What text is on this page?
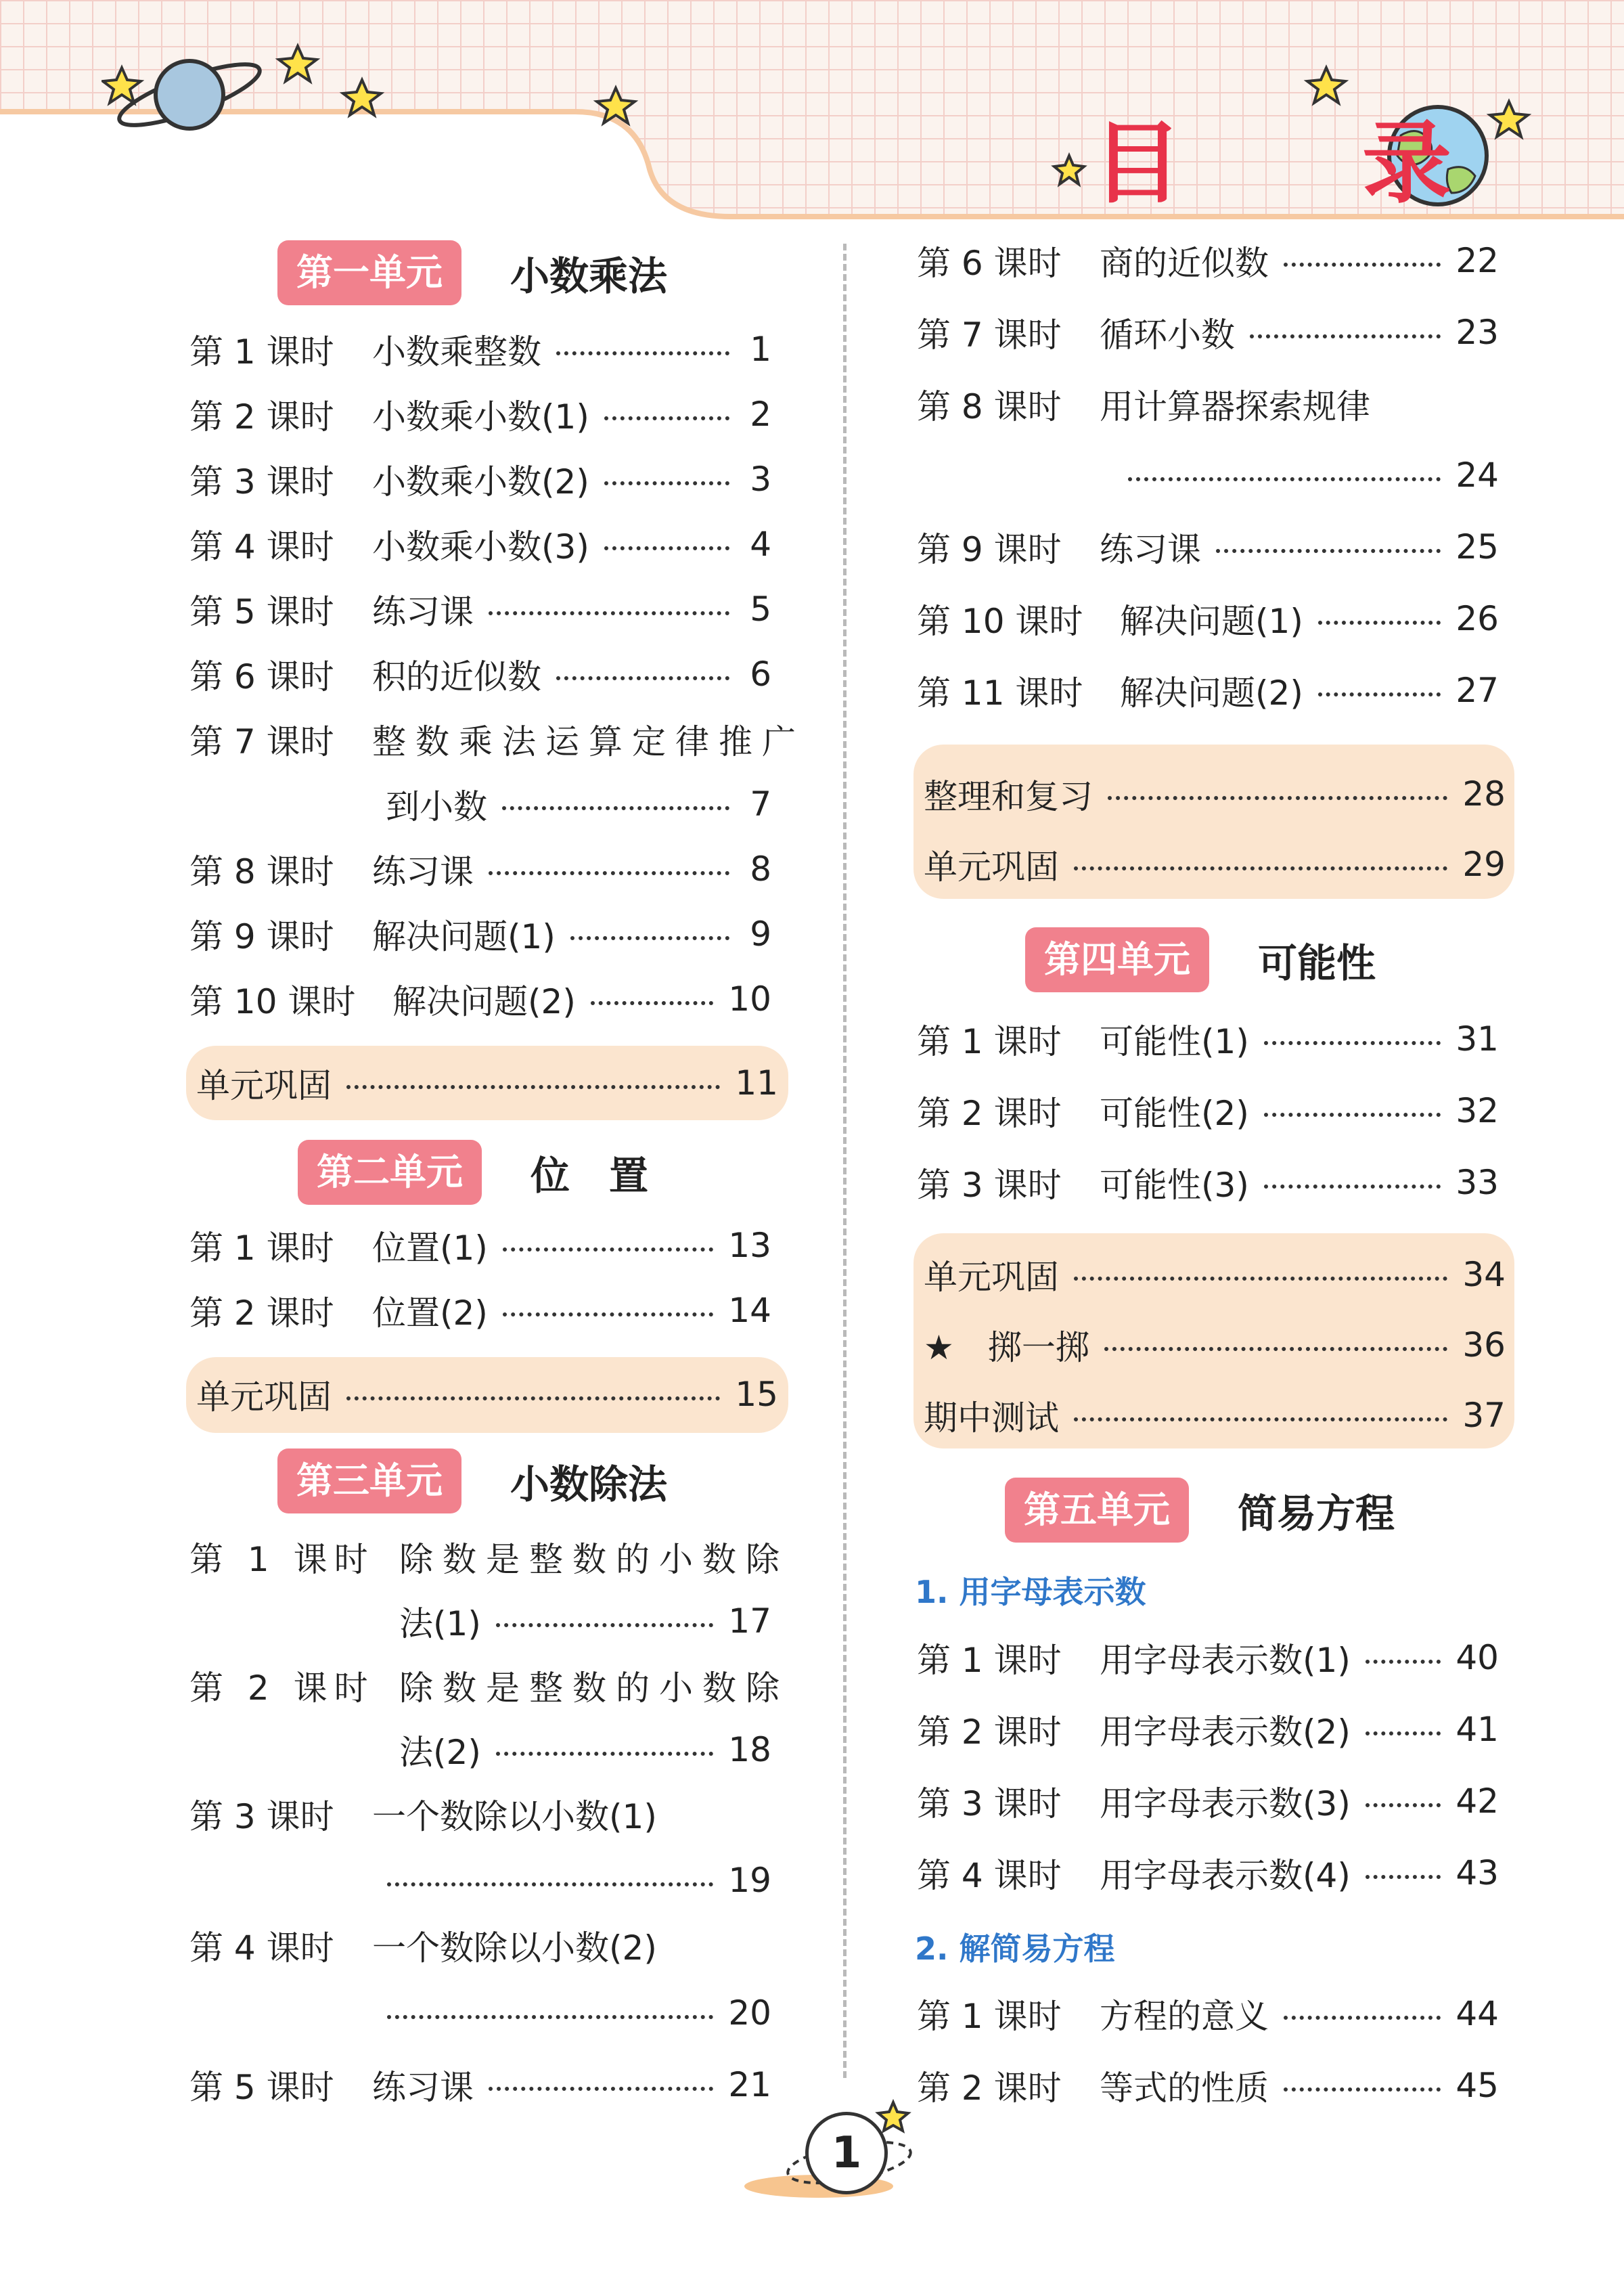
目 录
第一单元	小数乘法
第 1 课时	小数乘整数	1
第 2 课时	小数乘小数(1)	2
第 3 课时	小数乘小数(2)	3
第 4 课时	小数乘小数(3)	4
第 5 课时	练习课	5
第 6 课时	积的近似数	6
第 7 课时	整数乘法运算定律推广
到小数	7
第 8 课时	练习课	8
第 9 课时	解决问题(1)	9
第 10 课时	解决问题(2)	10
单元巩固	11
第二单元	位　置
第 1 课时	位置(1)	13
第 2 课时	位置(2)	14
单元巩固	15
第三单元	小数除法
第 1 课时 除数是整数的小数除
法(1)	17
第 2 课时 除数是整数的小数除
法(2)	18
第 3 课时	一个数除以小数(1)
19
第 4 课时	一个数除以小数(2)
20
第 5 课时	练习课	21
第 6 课时	商的近似数	22
第 7 课时	循环小数	23
第 8 课时	用计算器探索规律
24
第 9 课时	练习课	25
第 10 课时	解决问题(1)	26
第 11 课时	解决问题(2)	27
整理和复习	28
单元巩固	29
第四单元	可能性
第 1 课时	可能性(1)	31
第 2 课时	可能性(2)	32
第 3 课时	可能性(3)	33
单元巩固	34
★　掷一掷	36
期中测试	37
第五单元	简易方程
1. 用字母表示数
第 1 课时	用字母表示数(1)	40
第 2 课时	用字母表示数(2)	41
第 3 课时	用字母表示数(3)	42
第 4 课时	用字母表示数(4)	43
2. 解简易方程
第 1 课时	方程的意义	44
第 2 课时	等式的性质	45
1
